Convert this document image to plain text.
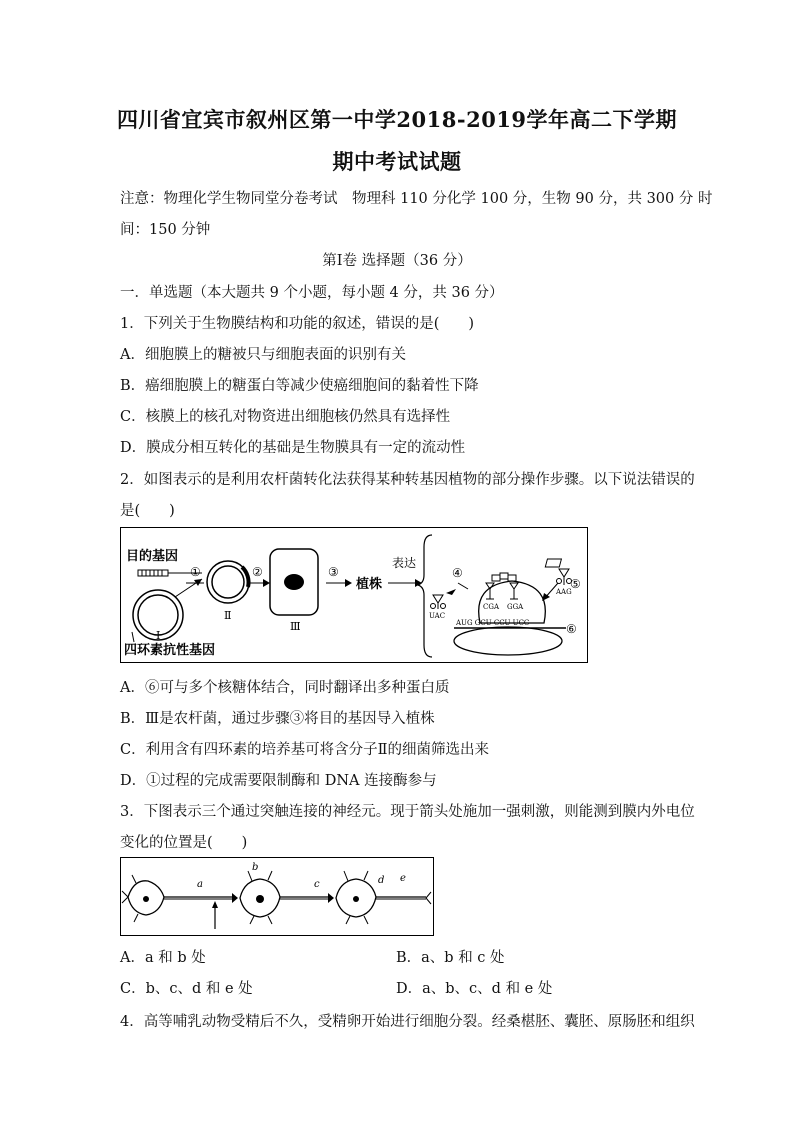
四川省宜宾市叙州区第一中学2018-2019学年高二下学期
期中考试试题
注意：物理化学生物同堂分卷考试　物理科 110 分化学 100 分，生物 90 分，共 300 分 时
间：150 分钟
第Ⅰ卷 选择题（36 分）
一．单选题（本大题共 9 个小题，每小题 4 分，共 36 分）
1．下列关于生物膜结构和功能的叙述，错误的是(　　)
A．细胞膜上的糖被只与细胞表面的识别有关
B．癌细胞膜上的糖蛋白等减少使癌细胞间的黏着性下降
C．核膜上的核孔对物资进出细胞核仍然具有选择性
D．膜成分相互转化的基础是生物膜具有一定的流动性
2．如图表示的是利用农杆菌转化法获得某种转基因植物的部分操作步骤。以下说法错误的
是(　　)
目的基因
Ⅰ
四环素抗性基因
①
Ⅱ
②
Ⅲ
③
植株
表达
AUG GCU CCU UCC	⑥
CGA GGA
④
UAC
AAG
⑤
A．⑥可与多个核糖体结合，同时翻译出多种蛋白质
B．Ⅲ是农杆菌，通过步骤③将目的基因导入植株
C．利用含有四环素的培养基可将含分子Ⅱ的细菌筛选出来
D．①过程的完成需要限制酶和 DNA 连接酶参与
3．下图表示三个通过突触连接的神经元。现于箭头处施加一强刺激，则能测到膜内外电位
变化的位置是(　　)
a
b
c	d e
A．a 和 b 处	B．a、b 和 c 处
C．b、c、d 和 e 处	D．a、b、c、d 和 e 处
4．高等哺乳动物受精后不久，受精卵开始进行细胞分裂。经桑椹胚、囊胚、原肠胚和组织
